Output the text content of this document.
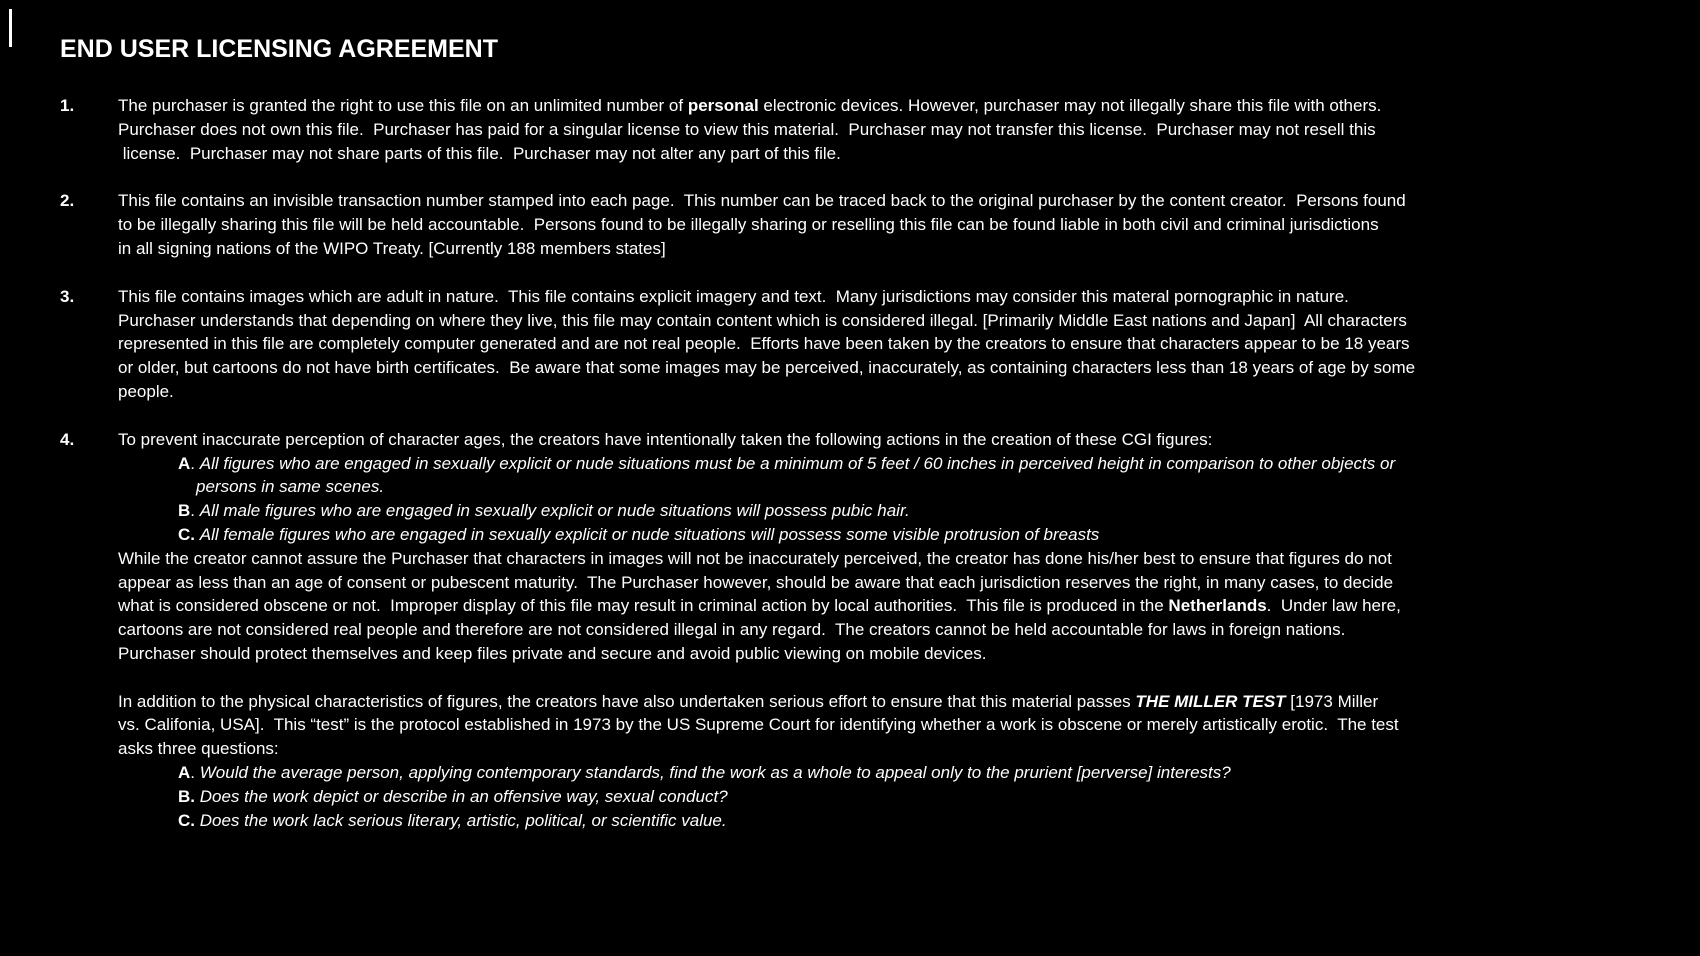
END USER LICENSING AGREEMENT
1.	The purchaser is granted the right to use this file on an unlimited number of personal electronic devices. However, purchaser may not illegally share this file with others.
Purchaser does not own this file.  Purchaser has paid for a singular license to view this material.  Purchaser may not transfer this license.  Purchaser may not resell this
license.  Purchaser may not share parts of this file.  Purchaser may not alter any part of this file.
2.	This file contains an invisible transaction number stamped into each page.  This number can be traced back to the original purchaser by the content creator.  Persons found
to be illegally sharing this file will be held accountable.  Persons found to be illegally sharing or reselling this file can be found liable in both civil and criminal jurisdictions
in all signing nations of the WIPO Treaty. [Currently 188 members states]
3.	This file contains images which are adult in nature.  This file contains explicit imagery and text.  Many jurisdictions may consider this materal pornographic in nature.
Purchaser understands that depending on where they live, this file may contain content which is considered illegal. [Primarily Middle East nations and Japan]  All characters
represented in this file are completely computer generated and are not real people.  Efforts have been taken by the creators to ensure that characters appear to be 18 years
or older, but cartoons do not have birth certificates.  Be aware that some images may be perceived, inaccurately, as containing characters less than 18 years of age by some
people.
4.	To prevent inaccurate perception of character ages, the creators have intentionally taken the following actions in the creation of these CGI figures:
A. All figures who are engaged in sexually explicit or nude situations must be a minimum of 5 feet / 60 inches in perceived height in comparison to other objects or
persons in same scenes.
B. All male figures who are engaged in sexually explicit or nude situations will possess pubic hair.
C. All female figures who are engaged in sexually explicit or nude situations will possess some visible protrusion of breasts
While the creator cannot assure the Purchaser that characters in images will not be inaccurately perceived, the creator has done his/her best to ensure that figures do not
appear as less than an age of consent or pubescent maturity.  The Purchaser however, should be aware that each jurisdiction reserves the right, in many cases, to decide
what is considered obscene or not.  Improper display of this file may result in criminal action by local authorities.  This file is produced in the Netherlands.  Under law here,
cartoons are not considered real people and therefore are not considered illegal in any regard.  The creators cannot be held accountable for laws in foreign nations.
Purchaser should protect themselves and keep files private and secure and avoid public viewing on mobile devices.

In addition to the physical characteristics of figures, the creators have also undertaken serious effort to ensure that this material passes THE MILLER TEST [1973 Miller
vs. Califonia, USA].  This “test” is the protocol established in 1973 by the US Supreme Court for identifying whether a work is obscene or merely artistically erotic.  The test
asks three questions:
A. Would the average person, applying contemporary standards, find the work as a whole to appeal only to the prurient [perverse] interests?
B. Does the work depict or describe in an offensive way, sexual conduct?
C. Does the work lack serious literary, artistic, political, or scientific value.
